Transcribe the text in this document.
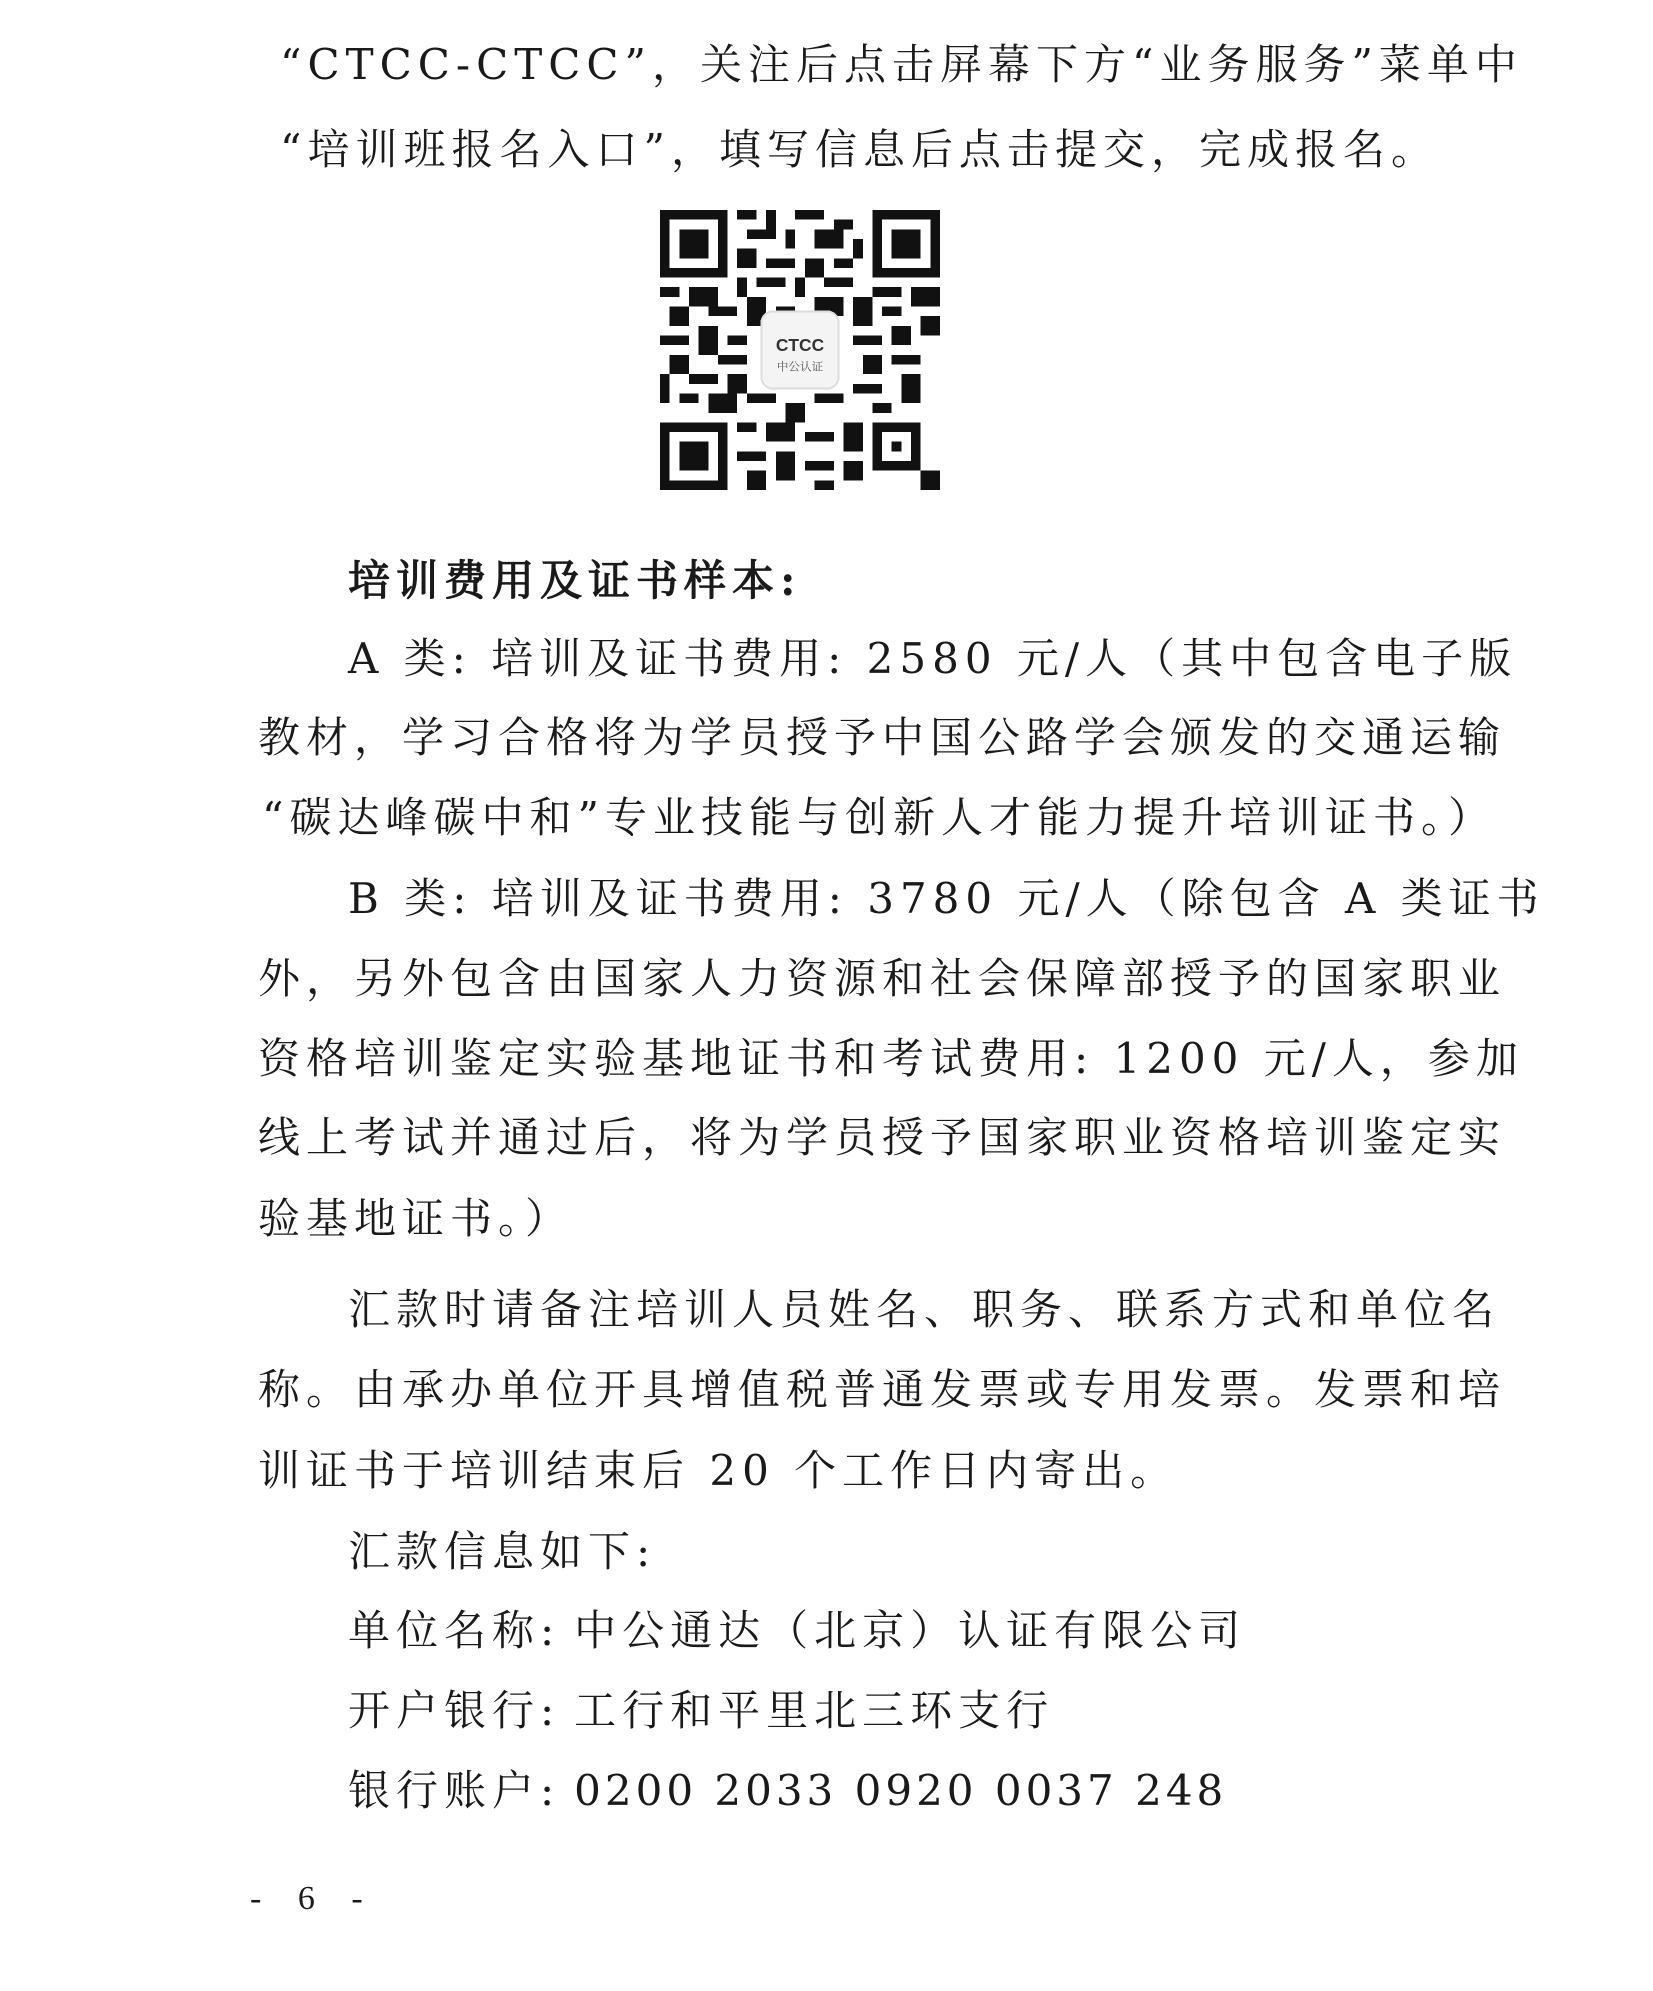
“CTCC-CTCC”，关注后点击屏幕下方“业务服务”菜单中
“培训班报名入口”，填写信息后点击提交，完成报名。
CTCC
中公认证
培训费用及证书样本:
A 类: 培训及证书费用: 2580 元/人（其中包含电子版
教材，学习合格将为学员授予中国公路学会颁发的交通运输
“碳达峰碳中和”专业技能与创新人才能力提升培训证书。）
B 类: 培训及证书费用: 3780 元/人（除包含 A 类证书
外，另外包含由国家人力资源和社会保障部授予的国家职业
资格培训鉴定实验基地证书和考试费用: 1200 元/人，参加
线上考试并通过后，将为学员授予国家职业资格培训鉴定实
验基地证书。）
汇款时请备注培训人员姓名、职务、联系方式和单位名
称。由承办单位开具增值税普通发票或专用发票。发票和培
训证书于培训结束后 20 个工作日内寄出。
汇款信息如下:
单位名称: 中公通达（北京）认证有限公司
开户银行: 工行和平里北三环支行
银行账户: 0200 2033 0920 0037 248
- 6 -
